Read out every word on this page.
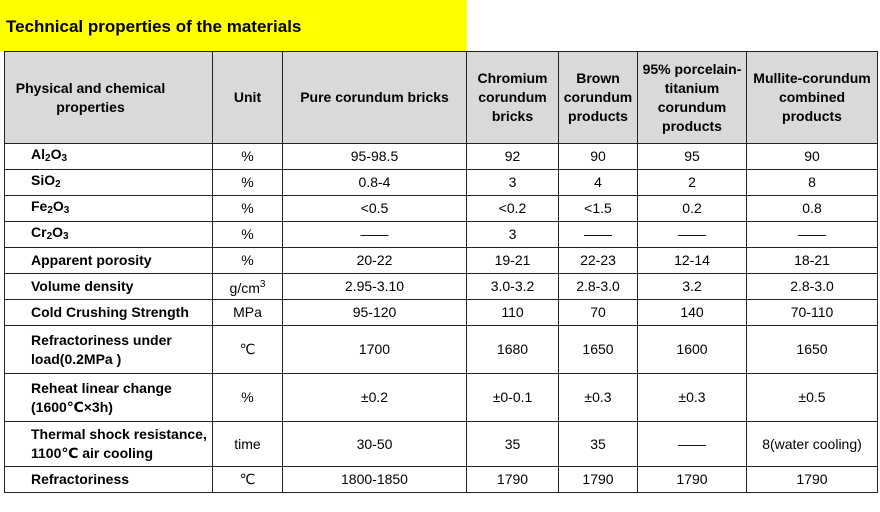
Technical properties of the materials
Physical and chemical properties	Unit	Pure corundum bricks	Chromium corundum bricks	Brown corundum products	95% porcelain-titanium corundum products	Mullite-corundum combined products
$Al_2O_3$	%	95-98.5	92	90	95	90
SiO$_2$	%	0.8-4	3	4	2	8
$Fe_2O_3$	%	<0.5	<0.2	<1.5	0.2	0.8
$Cr_2O_3$	%	——	3	——	——	——
Apparent porosity	%	20-22	19-21	22-23	12-14	18-21
Volume density	$g/cm^3$	2.95-3.10	3.0-3.2	2.8-3.0	3.2	2.8-3.0
Cold Crushing Strength	MPa	95-120	110	70	140	70-110
Refractoriness under load(0.2MPa )	℃	1700	1680	1650	1600	1650
Reheat linear change (1600℃×3h)	%	±0.2	±0-0.1	±0.3	±0.3	±0.5
Thermal shock resistance, 1100℃ air cooling	time	30-50	35	35	——	8(water cooling)
Refractoriness	℃	1800-1850	1790	1790	1790	1790
